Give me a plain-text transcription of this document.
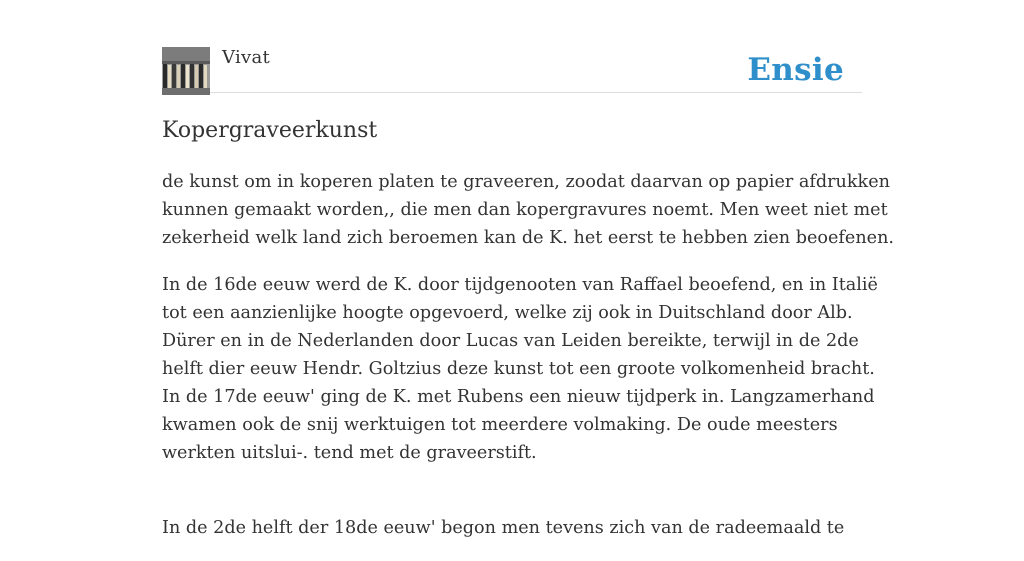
Vivat	Ensie
Kopergraveerkunst

de kunst om in koperen platen te graveeren, zoodat daarvan op papier afdrukken
kunnen gemaakt worden,, die men dan kopergravures noemt. Men weet niet met
zekerheid welk land zich beroemen kan de K. het eerst te hebben zien beoefenen.

In de 16de eeuw werd de K. door tijdgenooten van Raffael beoefend, en in Italië
tot een aanzienlijke hoogte opgevoerd, welke zij ook in Duitschland door Alb.
Dürer en in de Nederlanden door Lucas van Leiden bereikte, terwijl in de 2de
helft dier eeuw Hendr. Goltzius deze kunst tot een groote volkomenheid bracht.
In de 17de eeuw' ging de K. met Rubens een nieuw tijdperk in. Langzamerhand
kwamen ook de snij werktuigen tot meerdere volmaking. De oude meesters
werkten uitslui-. tend met de graveerstift.

In de 2de helft der 18de eeuw' begon men tevens zich van de radeemaald te
